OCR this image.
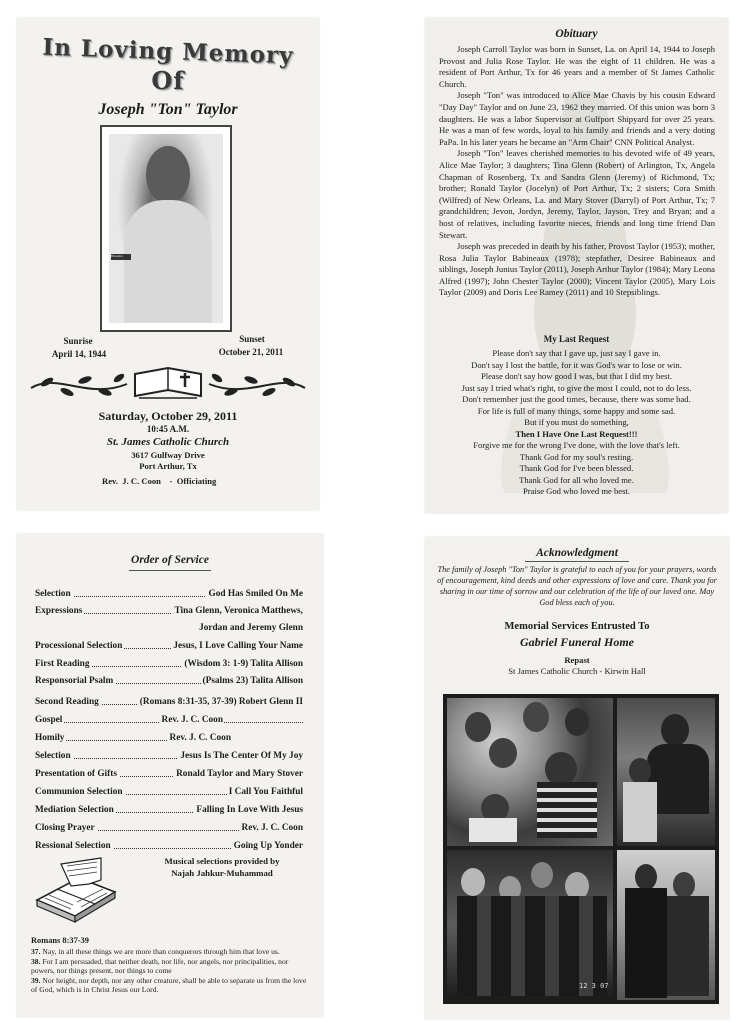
In Loving Memory
Of
Joseph "Ton" Taylor
Hawaiian
Sunrise
April 14, 1944
Sunset
October 21, 2011
Saturday, October 29, 2011
10:45 A.M.
St. James Catholic Church
3617 Gulfway Drive
Port Arthur, Tx
Rev.  J. C. Coon    -  Officiating
Obituary

Joseph Carroll Taylor was born in Sunset, La. on April 14, 1944 to Joseph Provost and Julia Rose Taylor. He was the eight of 11 children. He was a resident of Port Arthur, Tx for 46 years and a member of St James Catholic Church.

Joseph "Ton" was introduced to Alice Mae Chavis by his cousin Edward "Day Day" Taylor and on June 23, 1962 they married. Of this union was born 3 daughters. He was a labor Supervisor at Gulfport Shipyard for over 25 years. He was a man of few words, loyal to his family and friends and a very doting PaPa. In his later years he became an "Arm Chair" CNN Political Analyst.

Joseph "Ton" leaves cherished memories to his devoted wife of 49 years, Alice Mae Taylor; 3 daughters; Tina Glenn (Robert) of Arlington, Tx, Angela Chapman of Rosenberg, Tx and Sandra Glenn (Jeremy) of Richmond, Tx; brother; Ronald Taylor (Jocelyn) of Port Arthur, Tx; 2 sisters; Cora Smith (Wilfred) of New Orleans, La. and Mary Stover (Darryl) of Port Arthur, Tx; 7 grandchildren; Jevon, Jordyn, Jeremy, Taylor, Jayson, Trey and Bryan; and a host of relatives, including favorite nieces, friends and long time friend Dan Stewart.

Joseph was preceded in death by his father, Provost Taylor (1953); mother, Rosa Julia Taylor Babineaux (1978); stepfather, Desiree Babineaux and siblings, Joseph Junius Taylor (2011), Joseph Arthur Taylor (1984); Mary Leona Alfred (1997); John Chester Taylor (2000); Vincent Taylor (2005), Mary Lois Taylor (2009) and Doris Lee Ramey (2011) and 10 Stepsiblings.

My Last Request
Please don't say that I gave up, just say I gave in.
Don't say I lost the battle, for it was God's war to lose or win.
Please don't say how good I was, but that I did my best.
Just say I tried what's right, to give the most I could, not to do less.
Don't remember just the good times, because, there was some bad.
For life is full of many things, some happy and some sad.
But if you must do something,
Then I Have One Last Request!!!
Forgive me for the wrong I've done, with the love that's left.
Thank God for my soul's resting.
Thank God for I've been blessed.
Thank God for all who loved me.
Praise God who loved me best.
Order of Service
Selection	God Has Smiled On Me
Expressions	Tina Glenn, Veronica Matthews,
Jordan and Jeremy Glenn
Processional Selection	Jesus, I Love Calling Your Name
First Reading	(Wisdom 3: 1-9) Talita Allison
Responsorial Psalm	(Psalms 23) Talita Allison
Second Reading	(Romans 8:31-35, 37-39) Robert Glenn II
Gospel	Rev. J. C. Coon
Homily	Rev. J. C. Coon
Selection	Jesus Is The Center Of My Joy
Presentation of Gifts	Ronald Taylor and Mary Stover
Communion Selection	I Call You Faithful
Mediation Selection	Falling In Love With Jesus
Closing Prayer	Rev. J. C. Coon
Ressional Selection	Going Up Yonder
Musical selections provided by
Najah Jahkur-Muhammad
Romans 8:37-39
37. Nay, in all these things we are more than conquerors through him that love us.
38. For I am persuaded, that neither death, nor life, nor angels, nor principalities, nor powers, nor things present, nor things to come
39. Nor height, nor depth, nor any other creature, shall be able to separate us from the love of God, which is in Christ Jesus our Lord.
Acknowledgment
The family of Joseph "Ton" Taylor is grateful to each of you for your prayers, words of encouragement, kind deeds and other expressions of love and care. Thank you for sharing in our time of sorrow and our celebration of the life of our loved one. May God bless each of you.
Memorial Services Entrusted To
Gabriel Funeral Home
Repast
St James Catholic Church - Kirwin Hall
12 3 07
